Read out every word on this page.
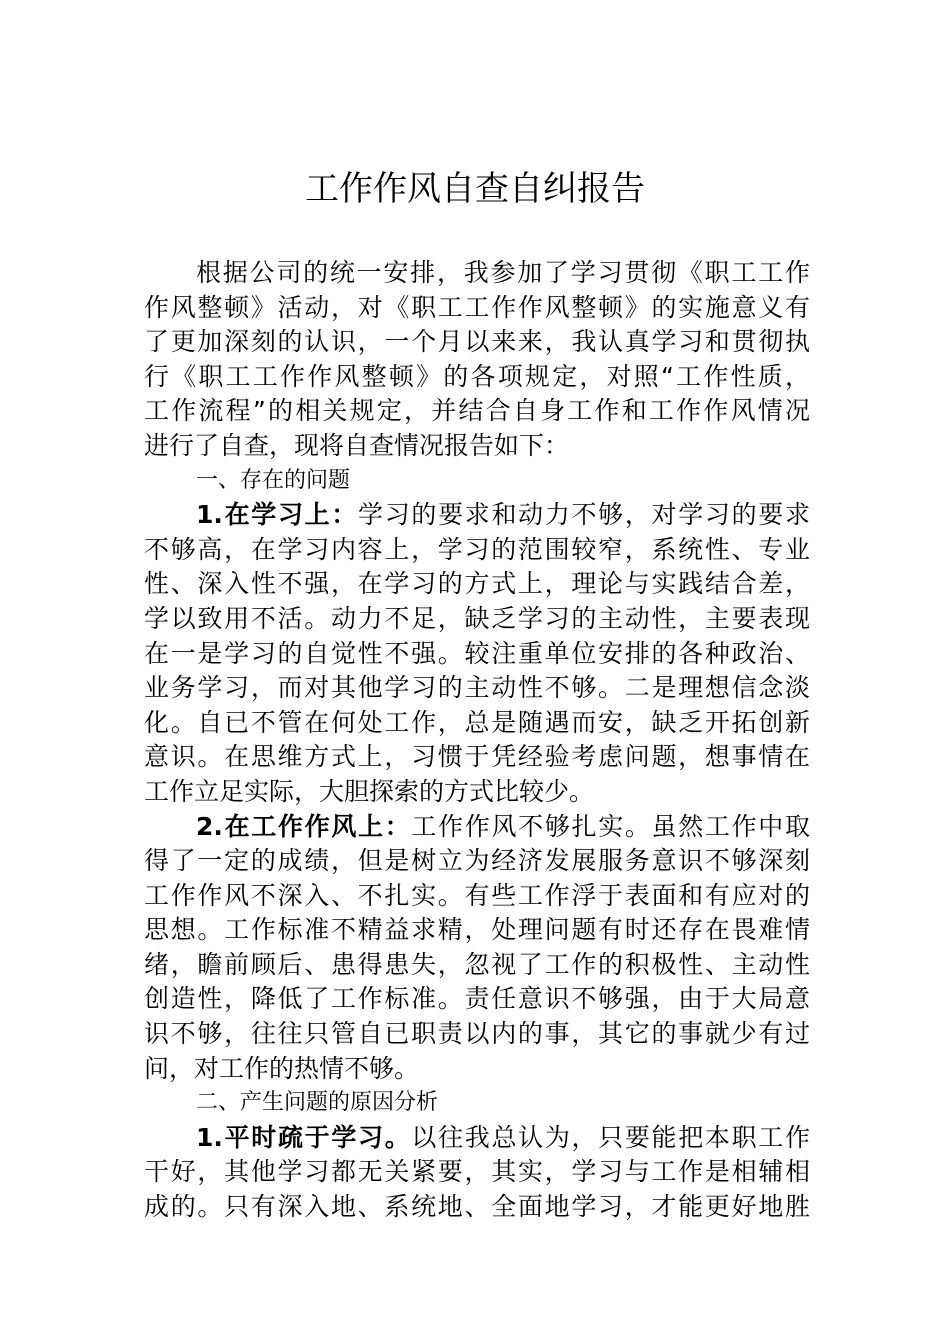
工作作风自查自纠报告
根据公司的统一安排，我参加了学习贯彻《职工工作
作风整顿》活动，对《职工工作作风整顿》的实施意义有
了更加深刻的认识，一个月以来来，我认真学习和贯彻执
行《职工工作作风整顿》的各项规定，对照“工作性质，
工作流程”的相关规定，并结合自身工作和工作作风情况
进行了自查，现将自查情况报告如下：
一、存在的问题
1.在学习上：学习的要求和动力不够，对学习的要求
不够高，在学习内容上，学习的范围较窄，系统性、专业
性、深入性不强，在学习的方式上，理论与实践结合差，
学以致用不活。动力不足，缺乏学习的主动性，主要表现
在一是学习的自觉性不强。较注重单位安排的各种政治、
业务学习，而对其他学习的主动性不够。二是理想信念淡
化。自已不管在何处工作，总是随遇而安，缺乏开拓创新
意识。在思维方式上，习惯于凭经验考虑问题，想事情在
工作立足实际，大胆探索的方式比较少。
2.在工作作风上：工作作风不够扎实。虽然工作中取
得了一定的成绩，但是树立为经济发展服务意识不够深刻
工作作风不深入、不扎实。有些工作浮于表面和有应对的
思想。工作标准不精益求精，处理问题有时还存在畏难情
绪，瞻前顾后、患得患失，忽视了工作的积极性、主动性
创造性，降低了工作标准。责任意识不够强，由于大局意
识不够，往往只管自已职责以内的事，其它的事就少有过
问，对工作的热情不够。
二、产生问题的原因分析
1.平时疏于学习。以往我总认为，只要能把本职工作
干好，其他学习都无关紧要，其实，学习与工作是相辅相
成的。只有深入地、系统地、全面地学习，才能更好地胜
